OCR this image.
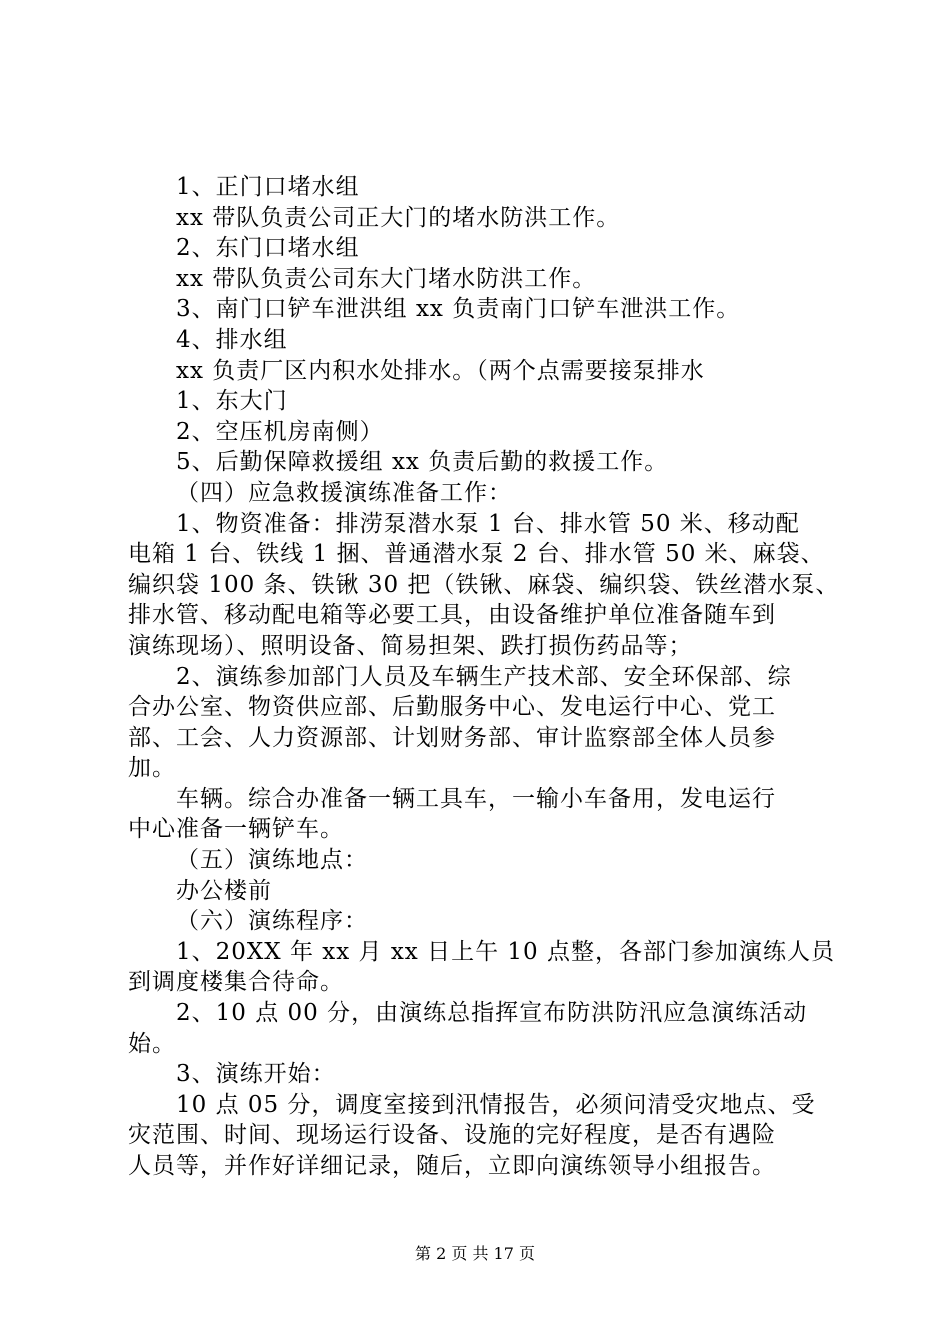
1、正门口堵水组
xx 带队负责公司正大门的堵水防洪工作。
2、东门口堵水组
xx 带队负责公司东大门堵水防洪工作。
3、南门口铲车泄洪组 xx 负责南门口铲车泄洪工作。
4、排水组
xx 负责厂区内积水处排水。（两个点需要接泵排水
1、东大门
2、空压机房南侧）
5、后勤保障救援组 xx 负责后勤的救援工作。
（四）应急救援演练准备工作：
1、物资准备：排涝泵潜水泵 1 台、排水管 50 米、移动配
电箱 1 台、铁线 1 捆、普通潜水泵 2 台、排水管 50 米、麻袋、
编织袋 100 条、铁锹 30 把（铁锹、麻袋、编织袋、铁丝潜水泵、
排水管、移动配电箱等必要工具，由设备维护单位准备随车到
演练现场）、照明设备、简易担架、跌打损伤药品等；
2、演练参加部门人员及车辆生产技术部、安全环保部、综
合办公室、物资供应部、后勤服务中心、发电运行中心、党工
部、工会、人力资源部、计划财务部、审计监察部全体人员参
加。
车辆。综合办准备一辆工具车，一输小车备用，发电运行
中心准备一辆铲车。
（五）演练地点：
办公楼前
（六）演练程序：
1、20XX 年 xx 月 xx 日上午 10 点整，各部门参加演练人员
到调度楼集合待命。
2、10 点 00 分，由演练总指挥宣布防洪防汛应急演练活动
始。
3、演练开始：
10 点 05 分，调度室接到汛情报告，必须问清受灾地点、受
灾范围、时间、现场运行设备、设施的完好程度，是否有遇险
人员等，并作好详细记录，随后，立即向演练领导小组报告。
第 2 页 共 17 页
